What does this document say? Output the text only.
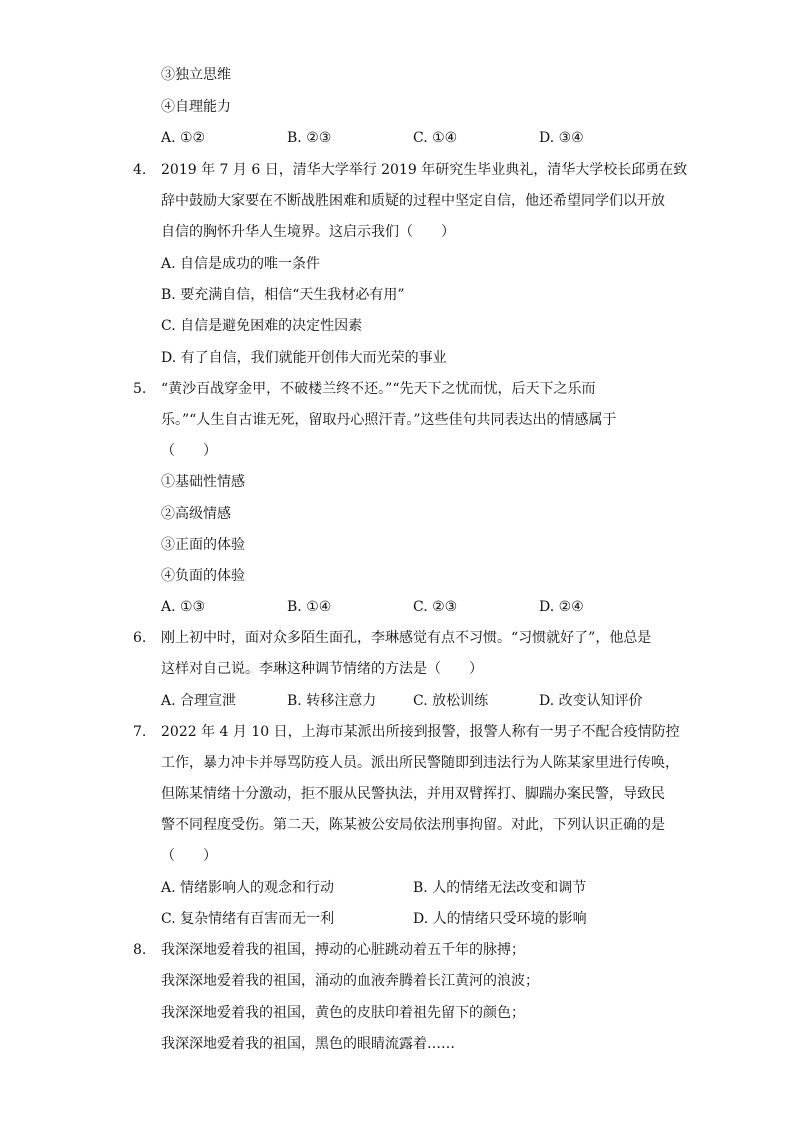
③独立思维
④自理能力
A. ①②	B. ②③	C. ①④	D. ③④
4. 2019 年 7 月 6 日，清华大学举行 2019 年研究生毕业典礼，清华大学校长邱勇在致
辞中鼓励大家要在不断战胜困难和质疑的过程中坚定自信，他还希望同学们以开放
自信的胸怀升华人生境界。这启示我们（　　）
A. 自信是成功的唯一条件
B. 要充满自信，相信“天生我材必有用”
C. 自信是避免困难的决定性因素
D. 有了自信，我们就能开创伟大而光荣的事业
5. “黄沙百战穿金甲，不破楼兰终不还。”“先天下之忧而忧，后天下之乐而
乐。”“人生自古谁无死，留取丹心照汗青。”这些佳句共同表达出的情感属于
（　　）
①基础性情感
②高级情感
③正面的体验
④负面的体验
A. ①③	B. ①④	C. ②③	D. ②④
6. 刚上初中时，面对众多陌生面孔，李琳感觉有点不习惯。“习惯就好了”，他总是
这样对自己说。李琳这种调节情绪的方法是（　　）
A. 合理宣泄	B. 转移注意力	C. 放松训练	D. 改变认知评价
7. 2022 年 4 月 10 日，上海市某派出所接到报警，报警人称有一男子不配合疫情防控
工作，暴力冲卡并辱骂防疫人员。派出所民警随即到违法行为人陈某家里进行传唤，
但陈某情绪十分激动，拒不服从民警执法，并用双臂挥打、脚踹办案民警，导致民
警不同程度受伤。第二天，陈某被公安局依法刑事拘留。对此，下列认识正确的是
（　　）
A. 情绪影响人的观念和行动	B. 人的情绪无法改变和调节
C. 复杂情绪有百害而无一利	D. 人的情绪只受环境的影响
8. 我深深地爱着我的祖国，搏动的心脏跳动着五千年的脉搏；
我深深地爱着我的祖国，涌动的血液奔腾着长江黄河的浪波；
我深深地爱着我的祖国，黄色的皮肤印着祖先留下的颜色；
我深深地爱着我的祖国，黑色的眼睛流露着……
